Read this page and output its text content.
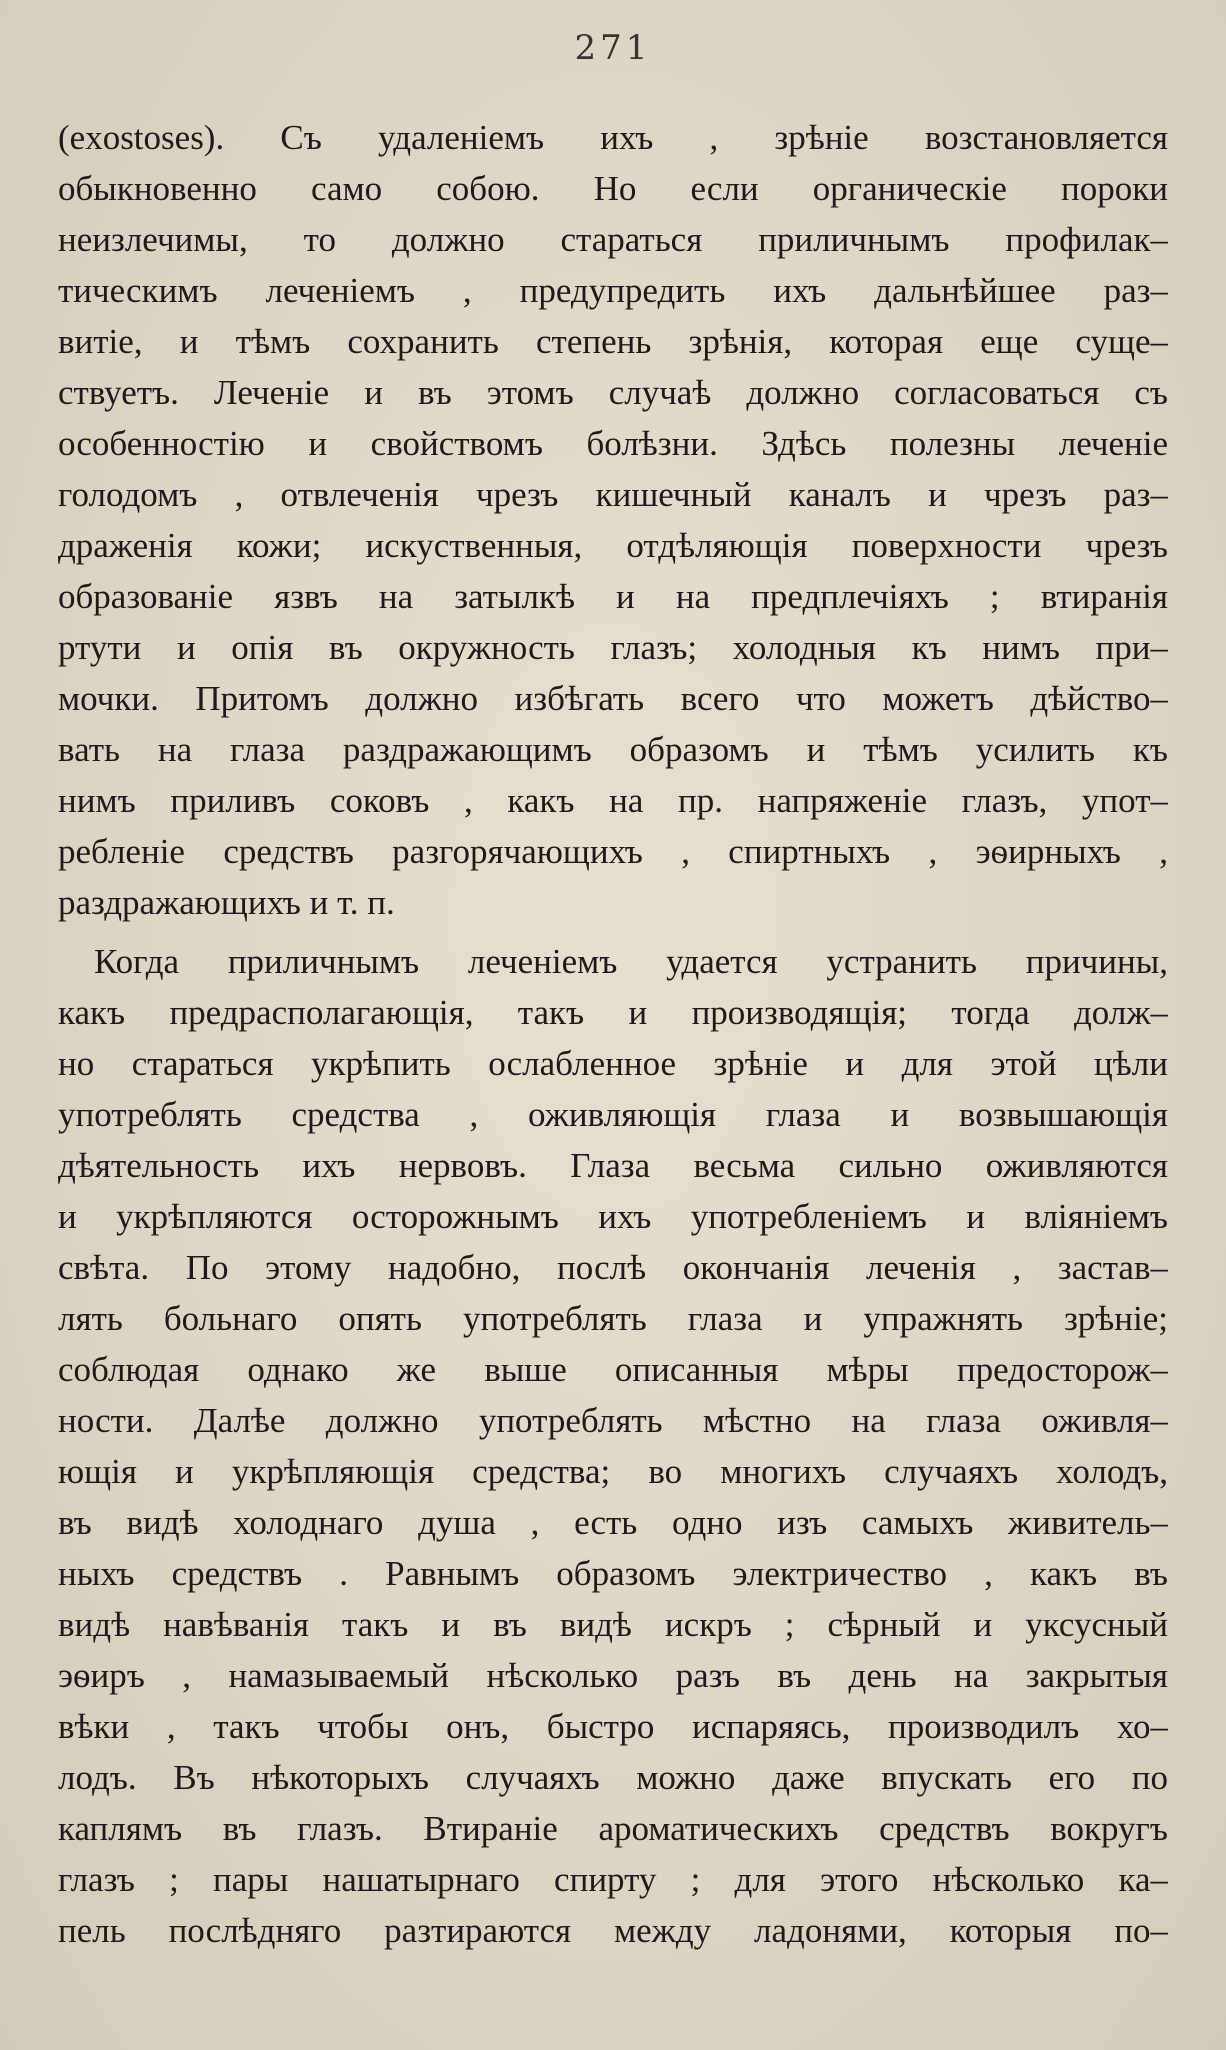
271
(exostoses). Съ удаленіемъ ихъ , зрѣніе возстановляется
обыкновенно само собою. Но если органическіе пороки
неизлечимы, то должно стараться приличнымъ профилак–
тическимъ леченіемъ , предупредить ихъ дальнѣйшее раз–
витіе, и тѣмъ сохранить степень зрѣнія, которая еще суще–
ствуетъ. Леченіе и въ этомъ случаѣ должно согласоваться съ
особенностію и свойствомъ болѣзни. Здѣсь полезны леченіе
голодомъ , отвлеченія чрезъ кишечный каналъ и чрезъ раз–
драженія кожи; искуственныя, отдѣляющія поверхности чрезъ
образованіе язвъ на затылкѣ и на предплечіяхъ ; втиранія
ртути и опія въ окружность глазъ; холодныя къ нимъ при–
мочки. Притомъ должно избѣгать всего что можетъ дѣйство–
вать на глаза раздражающимъ образомъ и тѣмъ усилить къ
нимъ приливъ соковъ , какъ на пр. напряженіе глазъ, упот–
ребленіе средствъ разгорячающихъ , спиртныхъ , эѳирныхъ ,
раздражающихъ и т. п.
Когда приличнымъ леченіемъ удается устранить причины,
какъ предрасполагающія, такъ и производящія; тогда долж–
но стараться укрѣпить ослабленное зрѣніе и для этой цѣли
употреблять средства , оживляющія глаза и возвышающія
дѣятельность ихъ нервовъ. Глаза весьма сильно оживляются
и укрѣпляются осторожнымъ ихъ употребленіемъ и вліяніемъ
свѣта. По этому надобно, послѣ окончанія леченія , застав–
лять больнаго опять употреблять глаза и упражнять зрѣніе;
соблюдая однако же выше описанныя мѣры предосторож–
ности. Далѣе должно употреблять мѣстно на глаза оживля–
ющія и укрѣпляющія средства; во многихъ случаяхъ холодъ,
въ видѣ холоднаго душа , есть одно изъ самыхъ живитель–
ныхъ средствъ . Равнымъ образомъ электричество , какъ въ
видѣ навѣванія такъ и въ видѣ искръ ; сѣрный и уксусный
эѳиръ , намазываемый нѣсколько разъ въ день на закрытыя
вѣки , такъ чтобы онъ, быстро испаряясь, производилъ хо–
лодъ. Въ нѣкоторыхъ случаяхъ можно даже впускать его по
каплямъ въ глазъ. Втираніе ароматическихъ средствъ вокругъ
глазъ ; пары нашатырнаго спирту ; для этого нѣсколько ка–
пель послѣдняго разтираются между ладонями, которыя по–
